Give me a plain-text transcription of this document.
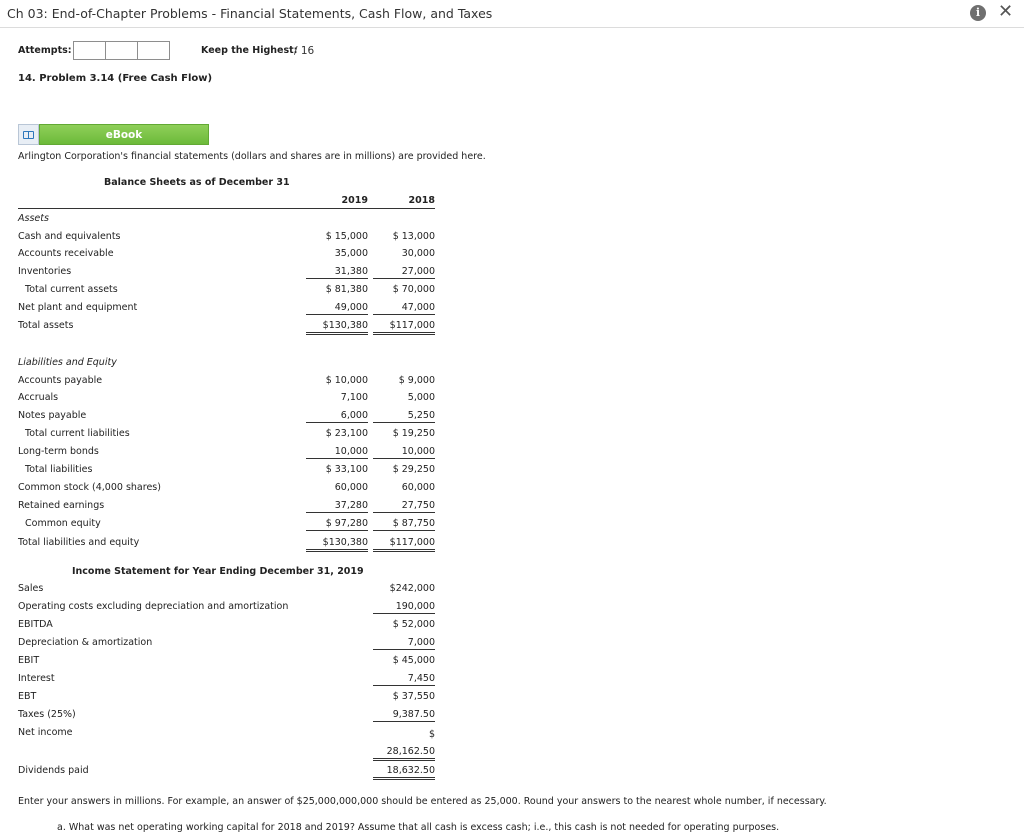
Ch 03: End-of-Chapter Problems - Financial Statements, Cash Flow, and Taxes	i ✕
Attempts:	Keep the Highest:
/ 16
14. Problem 3.14 (Free Cash Flow)
eBook
Arlington Corporation's financial statements (dollars and shares are in millions) are provided here.
Balance Sheets as of December 31
2019	2018
Assets
Cash and equivalents	$ 15,000	$ 13,000
Accounts receivable	35,000	30,000
Inventories	31,380	27,000
Total current assets	$ 81,380	$ 70,000
Net plant and equipment	49,000	47,000
Total assets	$130,380	$117,000
Liabilities and Equity
Accounts payable	$ 10,000	$ 9,000
Accruals	7,100	5,000
Notes payable	6,000	5,250
Total current liabilities	$ 23,100	$ 19,250
Long-term bonds	10,000	10,000
Total liabilities	$ 33,100	$ 29,250
Common stock (4,000 shares)	60,000	60,000
Retained earnings	37,280	27,750
Common equity	$ 97,280	$ 87,750
Total liabilities and equity	$130,380	$117,000
Income Statement for Year Ending December 31, 2019
Sales	$242,000
Operating costs excluding depreciation and amortization	190,000
EBITDA	$ 52,000
Depreciation & amortization	7,000
EBIT	$ 45,000
Interest	7,450
EBT	$ 37,550
Taxes (25%)	9,387.50
Net income	$
28,162.50
Dividends paid	18,632.50
Enter your answers in millions. For example, an answer of $25,000,000,000 should be entered as 25,000. Round your answers to the nearest whole number, if necessary.
a. What was net operating working capital for 2018 and 2019? Assume that all cash is excess cash; i.e., this cash is not needed for operating purposes.
